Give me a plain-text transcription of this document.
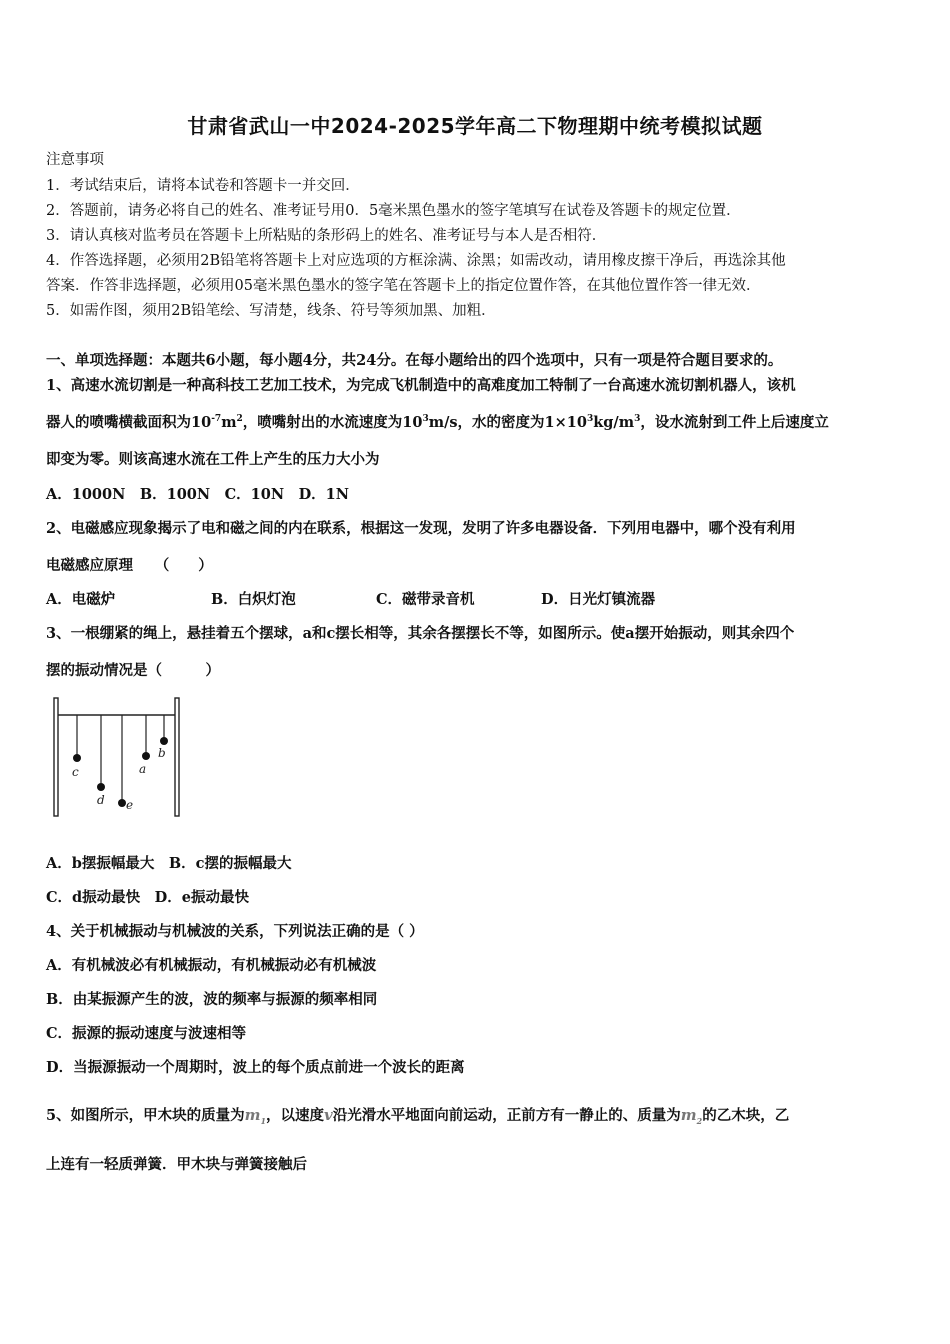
甘肃省武山一中2024-2025学年高二下物理期中统考模拟试题
注意事项
1．考试结束后，请将本试卷和答题卡一并交回．
2．答题前，请务必将自己的姓名、准考证号用0．5毫米黑色墨水的签字笔填写在试卷及答题卡的规定位置．
3．请认真核对监考员在答题卡上所粘贴的条形码上的姓名、准考证号与本人是否相符．
4．作答选择题，必须用2B铅笔将答题卡上对应选项的方框涂满、涂黑；如需改动，请用橡皮擦干净后，再选涂其他
答案．作答非选择题，必须用05毫米黑色墨水的签字笔在答题卡上的指定位置作答，在其他位置作答一律无效．
5．如需作图，须用2B铅笔绘、写清楚，线条、符号等须加黑、加粗．
一、单项选择题：本题共6小题，每小题4分，共24分。在每小题给出的四个选项中，只有一项是符合题目要求的。
1、高速水流切割是一种高科技工艺加工技术，为完成飞机制造中的高难度加工特制了一台高速水流切割机器人，该机
器人的喷嘴横截面积为$10^{-7}m^2$，喷嘴射出的水流速度为$10^3m/s$，水的密度为$1\times 10^3kg/m^3$，设水流射到工件上后速度立
即变为零。则该高速水流在工件上产生的压力大小为
A．1000N　B．100N　C．10N　D．1N
2、电磁感应现象揭示了电和磁之间的内在联系，根据这一发现，发明了许多电器设备．下列用电器中，哪个没有利用
电磁感应原理　　（　　）
A．电磁炉	B．白炽灯泡	C．磁带录音机	D．日光灯镇流器
3、一根绷紧的绳上，悬挂着五个摆球，a和c摆长相等，其余各摆摆长不等，如图所示。使a摆开始振动，则其余四个
摆的振动情况是（　　　）
c
d e
a
b
A．b摆振幅最大　B．c摆的振幅最大
C．d振动最快　D．e振动最快
4、关于机械振动与机械波的关系，下列说法正确的是（ ）
A．有机械波必有机械振动，有机械振动必有机械波
B．由某振源产生的波，波的频率与振源的频率相同
C．振源的振动速度与波速相等
D．当振源振动一个周期时，波上的每个质点前进一个波长的距离
5、如图所示，甲木块的质量为$m_1$，以速度v沿光滑水平地面向前运动，正前方有一静止的、质量为$m_2$的乙木块，乙
上连有一轻质弹簧．甲木块与弹簧接触后
